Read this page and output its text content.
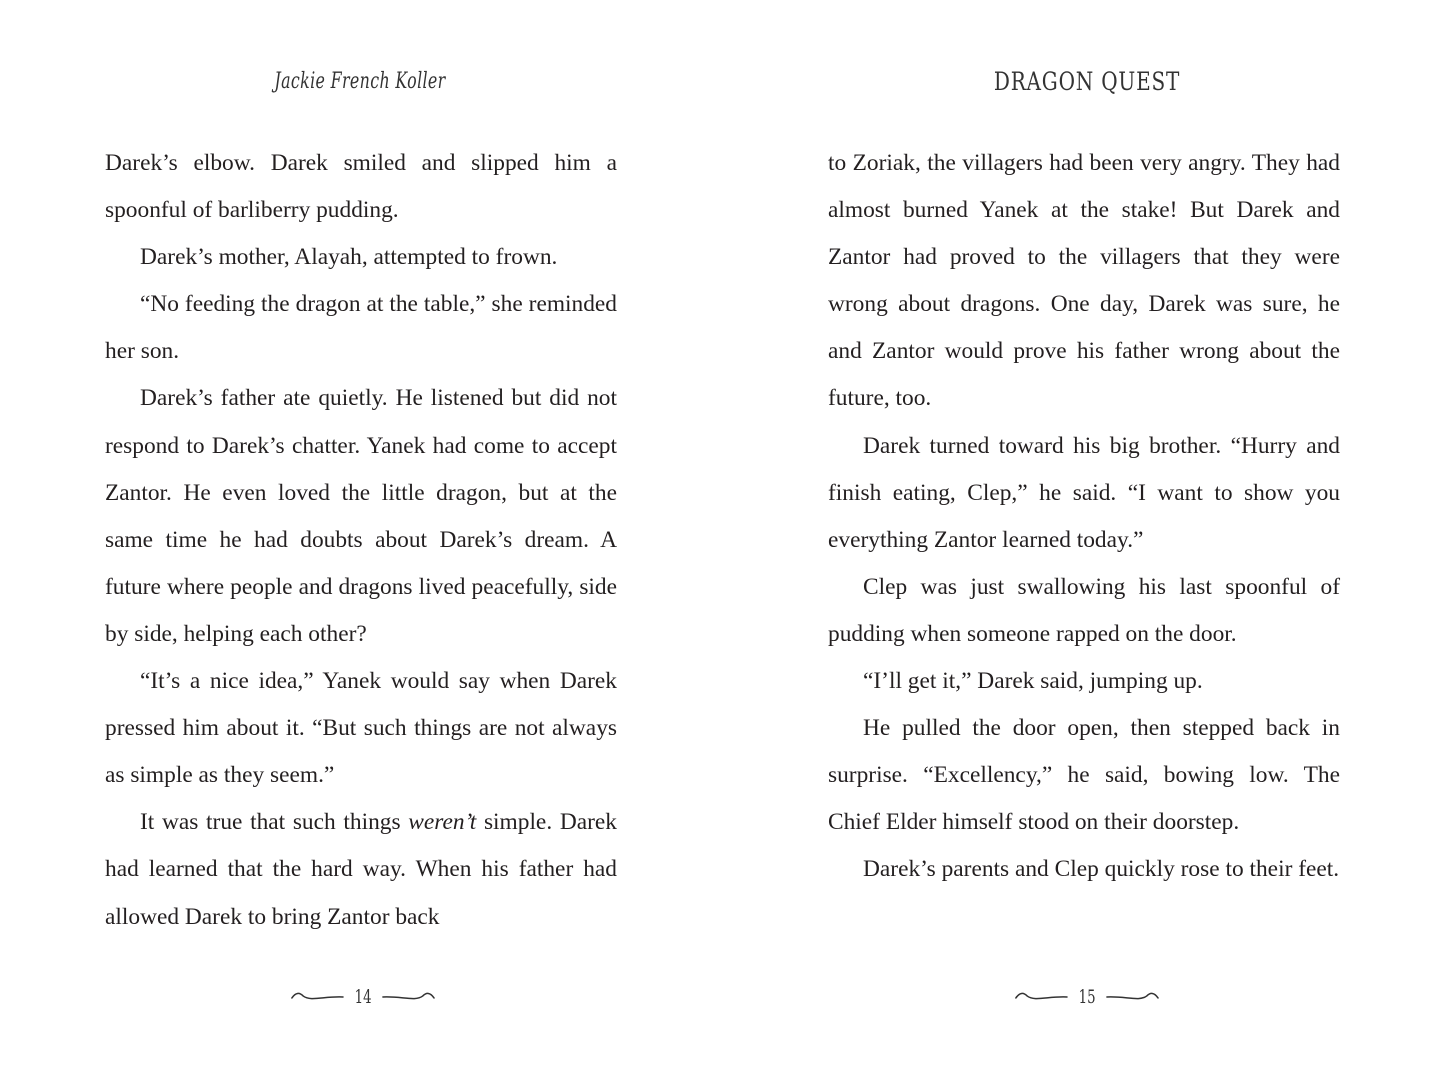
Jackie French Koller

Darek’s elbow. Darek smiled and slipped him a spoonful of barliberry pudding.

Darek’s mother, Alayah, attempted to frown.

“No feeding the dragon at the table,” she reminded her son.

Darek’s father ate quietly. He listened but did not respond to Darek’s chatter. Yanek had come to accept Zantor. He even loved the little dragon, but at the same time he had doubts about Darek’s dream. A future where people and dragons lived peacefully, side by side, helping each other?

“It’s a nice idea,” Yanek would say when Darek pressed him about it. “But such things are not always as simple as they seem.”

It was true that such things weren’t simple. Darek had learned that the hard way. When his father had allowed Darek to bring Zantor back

14
DRAGON QUEST

to Zoriak, the villagers had been very angry. They had almost burned Yanek at the stake! But Darek and Zantor had proved to the villagers that they were wrong about dragons. One day, Darek was sure, he and Zantor would prove his father wrong about the future, too.

Darek turned toward his big brother. “Hurry and finish eating, Clep,” he said. “I want to show you everything Zantor learned today.”

Clep was just swallowing his last spoonful of pudding when someone rapped on the door.

“I’ll get it,” Darek said, jumping up.

He pulled the door open, then stepped back in surprise. “Excellency,” he said, bowing low. The Chief Elder himself stood on their doorstep.

Darek’s parents and Clep quickly rose to their feet.

15
